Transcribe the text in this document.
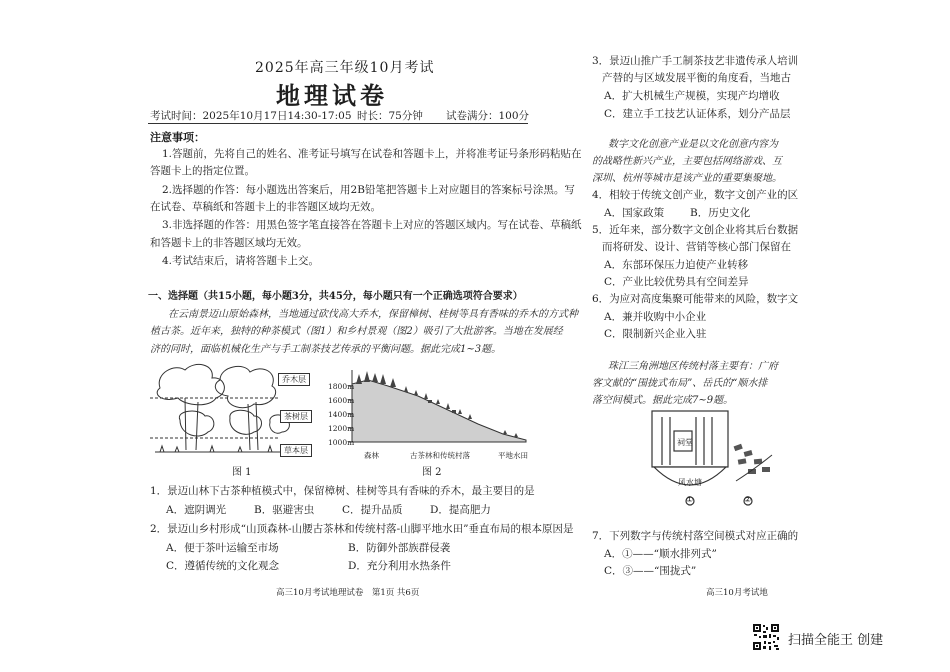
2025年高三年级10月考试
地理试卷
考试时间：2025年10月17日14:30-17:05 时长：75分钟 试卷满分：100分
注意事项：
1.答题前，先将自己的姓名、准考证号填写在试卷和答题卡上，并将准考证号条形码粘贴在
答题卡上的指定位置。
2.选择题的作答：每小题选出答案后，用2B铅笔把答题卡上对应题目的答案标号涂黑。写
在试卷、草稿纸和答题卡上的非答题区域均无效。
3.非选择题的作答：用黑色签字笔直接答在答题卡上对应的答题区域内。写在试卷、草稿纸
和答题卡上的非答题区域均无效。
4.考试结束后，请将答题卡上交。
一、选择题（共15小题，每小题3分，共45分，每小题只有一个正确选项符合要求）
在云南景迈山原始森林，当地通过砍伐高大乔木，保留樟树、桂树等具有香味的乔木的方式种
植古茶。近年来，独特的种茶模式（图1）和乡村景观（图2）吸引了大批游客。当地在发展经
济的同时，面临机械化生产与手工制茶技艺传承的平衡问题。据此完成1~3题。
乔木层
茶树层
草本层
图 1
1800m
1600m
1400m
1200m
1000m
森林	古茶林和传统村落	平地水田
图 2
1．景迈山林下古茶种植模式中，保留樟树、桂树等具有香味的乔木，最主要目的是
A．遮阴调光	B．驱避害虫	C．提升品质	D．提高肥力
2．景迈山乡村形成“山顶森林-山腰古茶林和传统村落-山脚平地水田”垂直布局的根本原因是
A．便于茶叶运输至市场	B．防御外部族群侵袭
C．遵循传统的文化观念	D．充分利用水热条件
高三10月考试地理试卷　第1页 共6页
3．景迈山推广手工制茶技艺非遗传承人培训
产替的与区域发展平衡的角度看，当地古
A．扩大机械生产规模，实现产均增收
C．建立手工技艺认证体系，划分产品层
数字文化创意产业是以文化创意内容为
的战略性新兴产业，主要包括网络游戏、互
深圳、杭州等城市是该产业的重要集聚地。
4．相较于传统文创产业，数字文创产业的区
A．国家政策 B．历史文化
5．近年来，部分数字文创企业将其后台数据
而将研发、设计、营销等核心部门保留在
A．东部环保压力迫使产业转移
C．产业比较优势具有空间差异
6．为应对高度集聚可能带来的风险，数字文
A．兼并收购中小企业
C．限制新兴企业入驻
珠江三角洲地区传统村落主要有：广府
客文献的“围拢式布局”、岳氏的“顺水排
落空间模式。据此完成7~9题。
祠堂
风水塘
①	②
7．下列数字与传统村落空间模式对应正确的
A．①——“顺水排列式”
C．③——“围拢式”
高三10月考试地
扫描全能王 创建
